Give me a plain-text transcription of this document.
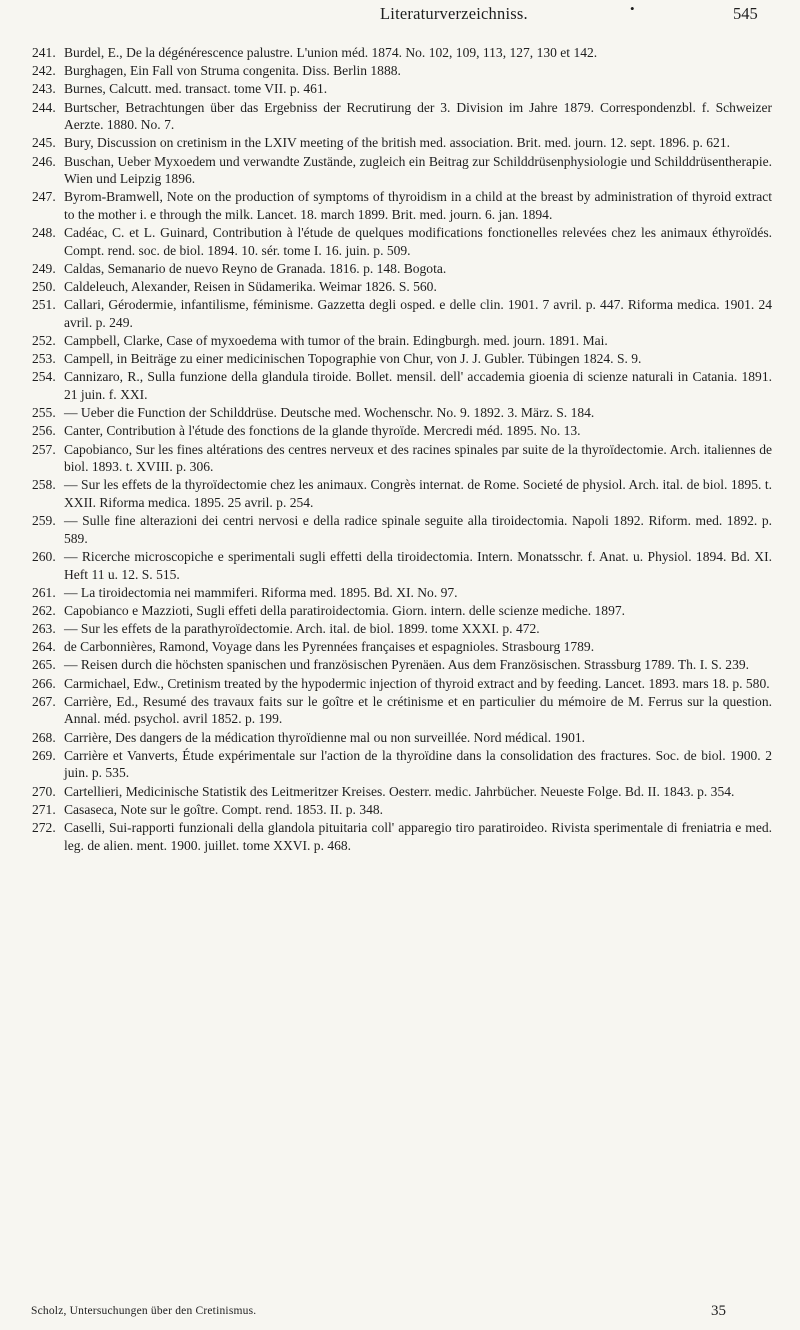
Literaturverzeichniss.	•	545
241. Burdel, E., De la dégénérescence palustre. L'union méd. 1874. No. 102, 109, 113, 127, 130 et 142.
242. Burghagen, Ein Fall von Struma congenita. Diss. Berlin 1888.
243. Burnes, Calcutt. med. transact. tome VII. p. 461.
244. Burtscher, Betrachtungen über das Ergebniss der Recrutirung der 3. Division im Jahre 1879. Correspondenzbl. f. Schweizer Aerzte. 1880. No. 7.
245. Bury, Discussion on cretinism in the LXIV meeting of the british med. association. Brit. med. journ. 12. sept. 1896. p. 621.
246. Buschan, Ueber Myxoedem und verwandte Zustände, zugleich ein Beitrag zur Schilddrüsenphysiologie und Schilddrüsentherapie. Wien und Leipzig 1896.
247. Byrom-Bramwell, Note on the production of symptoms of thyroidism in a child at the breast by administration of thyroid extract to the mother i. e through the milk. Lancet. 18. march 1899. Brit. med. journ. 6. jan. 1894.
248. Cadéac, C. et L. Guinard, Contribution à l'étude de quelques modifications fonctionelles relevées chez les animaux éthyroïdés. Compt. rend. soc. de biol. 1894. 10. sér. tome I. 16. juin. p. 509.
249. Caldas, Semanario de nuevo Reyno de Granada. 1816. p. 148. Bogota.
250. Caldeleuch, Alexander, Reisen in Südamerika. Weimar 1826. S. 560.
251. Callari, Gérodermie, infantilisme, féminisme. Gazzetta degli osped. e delle clin. 1901. 7 avril. p. 447. Riforma medica. 1901. 24 avril. p. 249.
252. Campbell, Clarke, Case of myxoedema with tumor of the brain. Edingburgh. med. journ. 1891. Mai.
253. Campell, in Beiträge zu einer medicinischen Topographie von Chur, von J. J. Gubler. Tübingen 1824. S. 9.
254. Cannizaro, R., Sulla funzione della glandula tiroide. Bollet. mensil. dell' accademia gioenia di scienze naturali in Catania. 1891. 21 juin. f. XXI.
255. — Ueber die Function der Schilddrüse. Deutsche med. Wochenschr. No. 9. 1892. 3. März. S. 184.
256. Canter, Contribution à l'étude des fonctions de la glande thyroïde. Mercredi méd. 1895. No. 13.
257. Capobianco, Sur les fines altérations des centres nerveux et des racines spinales par suite de la thyroïdectomie. Arch. italiennes de biol. 1893. t. XVIII. p. 306.
258. — Sur les effets de la thyroïdectomie chez les animaux. Congrès internat. de Rome. Societé de physiol. Arch. ital. de biol. 1895. t. XXII. Riforma medica. 1895. 25 avril. p. 254.
259. — Sulle fine alterazioni dei centri nervosi e della radice spinale seguite alla tiroidectomia. Napoli 1892. Riform. med. 1892. p. 589.
260. — Ricerche microscopiche e sperimentali sugli effetti della tiroidectomia. Intern. Monatsschr. f. Anat. u. Physiol. 1894. Bd. XI. Heft 11 u. 12. S. 515.
261. — La tiroidectomia nei mammiferi. Riforma med. 1895. Bd. XI. No. 97.
262. Capobianco e Mazzioti, Sugli effeti della paratiroidectomia. Giorn. intern. delle scienze mediche. 1897.
263. — Sur les effets de la parathyroïdectomie. Arch. ital. de biol. 1899. tome XXXI. p. 472.
264. de Carbonnières, Ramond, Voyage dans les Pyrennées françaises et espagnioles. Strasbourg 1789.
265. — Reisen durch die höchsten spanischen und französischen Pyrenäen. Aus dem Französischen. Strassburg 1789. Th. I. S. 239.
266. Carmichael, Edw., Cretinism treated by the hypodermic injection of thyroid extract and by feeding. Lancet. 1893. mars 18. p. 580.
267. Carrière, Ed., Resumé des travaux faits sur le goître et le crétinisme et en particulier du mémoire de M. Ferrus sur la question. Annal. méd. psychol. avril 1852. p. 199.
268. Carrière, Des dangers de la médication thyroïdienne mal ou non surveillée. Nord médical. 1901.
269. Carrière et Vanverts, Étude expérimentale sur l'action de la thyroïdine dans la consolidation des fractures. Soc. de biol. 1900. 2 juin. p. 535.
270. Cartellieri, Medicinische Statistik des Leitmeritzer Kreises. Oesterr. medic. Jahrbücher. Neueste Folge. Bd. II. 1843. p. 354.
271. Casaseca, Note sur le goître. Compt. rend. 1853. II. p. 348.
272. Caselli, Sui-rapporti funzionali della glandola pituitaria coll' apparegio tiro paratiroideo. Rivista sperimentale di freniatria e med. leg. de alien. ment. 1900. juillet. tome XXVI. p. 468.
Scholz, Untersuchungen über den Cretinismus.	35
